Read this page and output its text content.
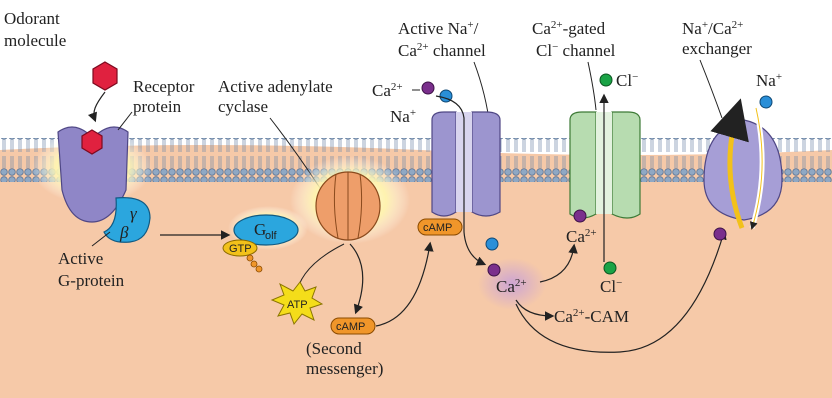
γ
β
Odorant
molecule
Receptor
protein
Active
G-protein
G
olf
GTP
Active adenylate
cyclase
ATP
cAMP
(Second
messenger)
cAMP
Active Na+/
$Ca^{2+}$ channel
$Ca^{2+}$
Na+
$Ca^{2+}$
$Ca^{2+}$-CAM
$Ca^{2+}$-gated
Cl− channel
Cl−
$Ca^{2+}$
Cl−
$Na^+/Ca^{2+}$
exchanger
Na+
